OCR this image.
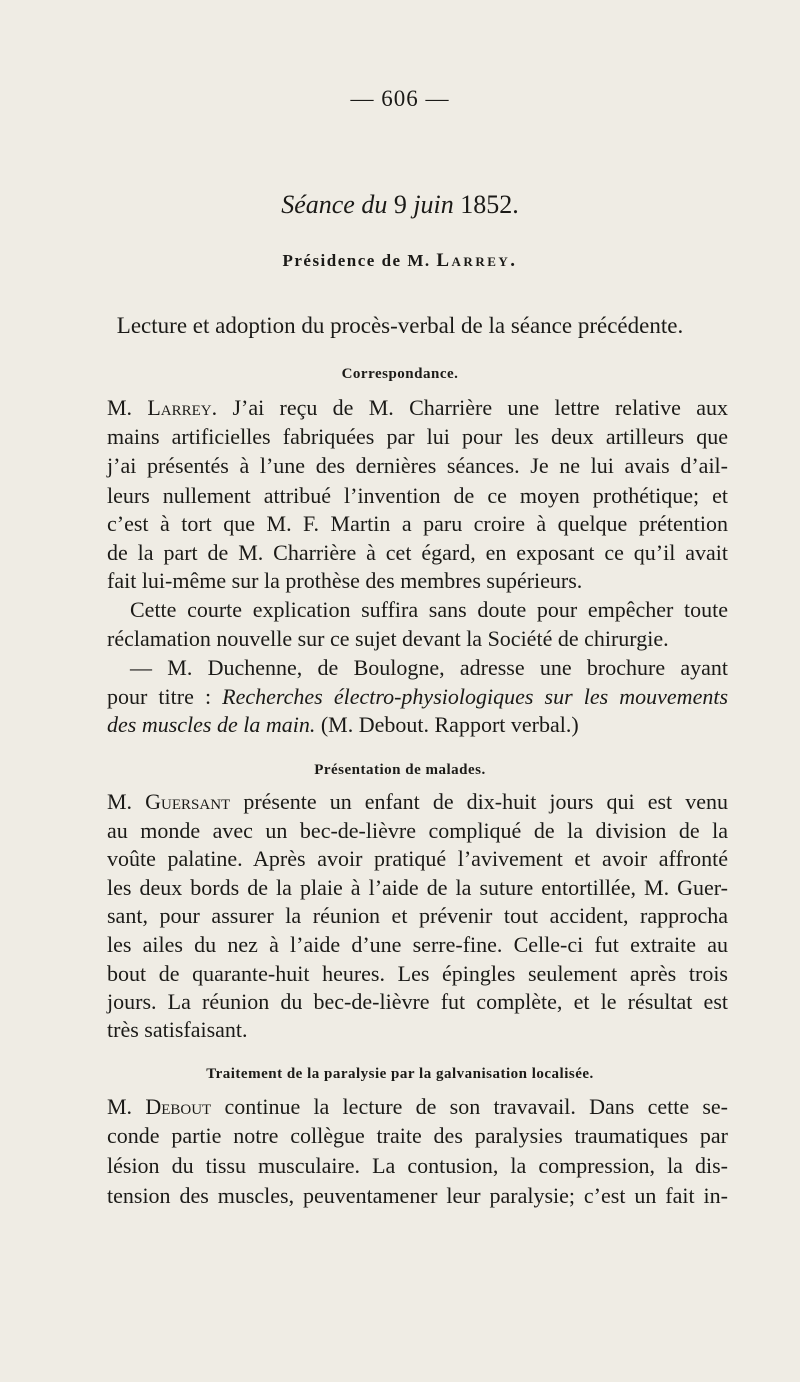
— 606 —
Séance du 9 juin 1852.
Présidence de M. Larrey.
Lecture et adoption du procès-verbal de la séance précédente.
Correspondance.
M. Larrey. J’ai reçu de M. Charrière une lettre relative aux
mains artificielles fabriquées par lui pour les deux artilleurs que
j’ai présentés à l’une des dernières séances. Je ne lui avais d’ail-
leurs nullement attribué l’invention de ce moyen prothétique; et
c’est à tort que M. F. Martin a paru croire à quelque prétention
de la part de M. Charrière à cet égard, en exposant ce qu’il avait
fait lui-même sur la prothèse des membres supérieurs.
Cette courte explication suffira sans doute pour empêcher toute
réclamation nouvelle sur ce sujet devant la Société de chirurgie.
— M. Duchenne, de Boulogne, adresse une brochure ayant
pour titre : Recherches électro-physiologiques sur les mouvements
des muscles de la main. (M. Debout. Rapport verbal.)
Présentation de malades.
M. Guersant présente un enfant de dix-huit jours qui est venu
au monde avec un bec-de-lièvre compliqué de la division de la
voûte palatine. Après avoir pratiqué l’avivement et avoir affronté
les deux bords de la plaie à l’aide de la suture entortillée, M. Guer-
sant, pour assurer la réunion et prévenir tout accident, rapprocha
les ailes du nez à l’aide d’une serre-fine. Celle-ci fut extraite au
bout de quarante-huit heures. Les épingles seulement après trois
jours. La réunion du bec-de-lièvre fut complète, et le résultat est
très satisfaisant.
Traitement de la paralysie par la galvanisation localisée.
M. Debout continue la lecture de son travavail. Dans cette se-
conde partie notre collègue traite des paralysies traumatiques par
lésion du tissu musculaire. La contusion, la compression, la dis-
tension des muscles, peuventamener leur paralysie; c’est un fait in-
